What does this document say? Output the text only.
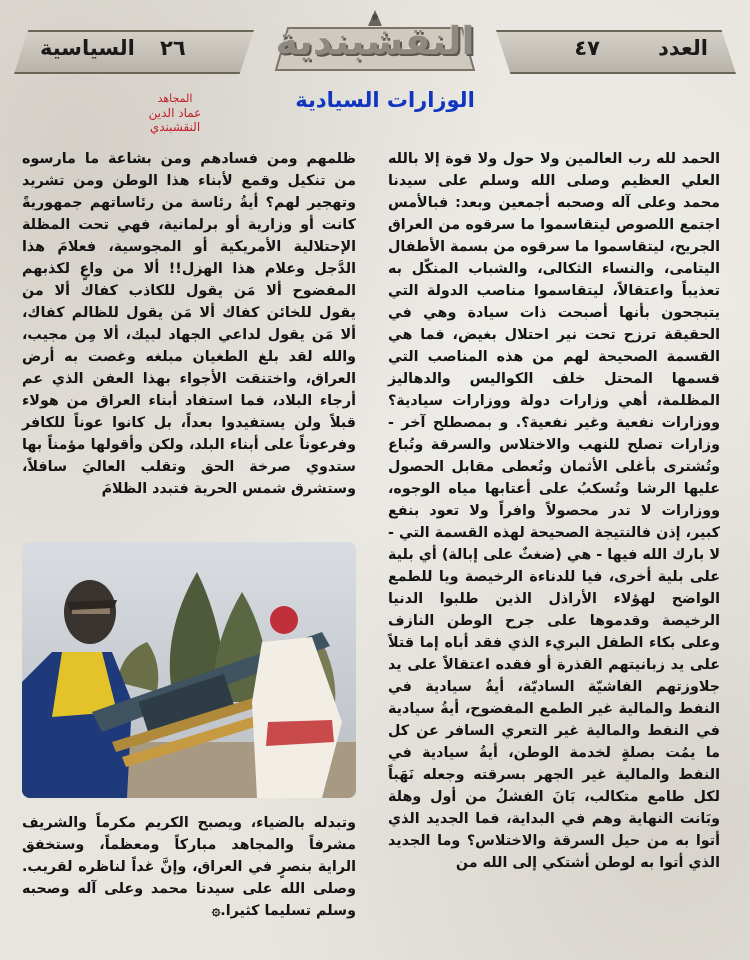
العدد
٤٧
السياسية ٢٦ النقشبندية
الوزارات السيادية
المجاهد
عماد الدين النقشبندي
الحمد لله رب العالمين ولا حول ولا قوة إلا بالله العلي العظيم وصلى الله وسلم على سيدنا محمد وعلى آله وصحبه أجمعين وبعد: فبالأمس اجتمع اللصوص ليتقاسموا ما سرقوه من العراق الجريح، ليتقاسموا ما سرقوه من بسمة الأطفال اليتامى، والنساء الثكالى، والشباب المنكّل به تعذيباً واعتقالاً، ليتقاسموا مناصب الدولة التي يتبجحون بأنها أصبحت ذات سيادة وهي في الحقيقة ترزح تحت نير احتلال بغيض، فما هي القسمة الصحيحة لهم من هذه المناصب التي قسمها المحتل خلف الكواليس والدهاليز المظلمة، أهي وزارات دولة ووزارات سيادية؟ ووزارات نفعية وغير نفعية؟. و بمصطلح آخر - وزارات تصلح للنهب والاختلاس والسرقة وتُباع وتُشترى بأغلى الأثمان وتُعطى مقابل الحصول عليها الرشا وتُسكبُ على أعتابها مياه الوجوه، ووزارات لا تدر محصولاً وافراً ولا تعود بنفع كبير، إذن فالنتيجة الصحيحة لهذه القسمة التي - لا بارك الله فيها - هي (ضغثٌ على إبالة) أي بلية على بلية أخرى، فيا للدناءة الرخيصة ويا للطمع الواضح لهؤلاء الأراذل الذين طلبوا الدنيا الرخيصة وقدموها على جرح الوطن النازف وعلى بكاء الطفل البريء الذي فقد أباه إما قتلاً على يد زبانيتهم القذرة أو فقده اعتقالاً على يد جلاوزتهم الفاشيّة الساديّة، أيةُ سيادية في النفط والمالية غير الطمع المفضوح، أيةُ سيادية في النفط والمالية غير التعري السافر عن كل ما يمُت بصلةٍ لخدمة الوطن، أيةُ سيادية في النفط والمالية غير الجهر بسرقته وجعله نَهَباً لكل طامع متكالب، بَانَ الفشلُ من أول وهلة وبَانت النهاية وهم في البداية، فما الجديد الذي أتوا به من حيل السرقة والاختلاس؟ وما الجديد الذي أتوا به لوطن أشتكي إلى الله من
ظلمهم ومن فسادهم ومن بشاعة ما مارسوه من تنكيل وقمع لأبناء هذا الوطن ومن تشريد وتهجير لهم؟ أيةُ رئاسة من رئاساتهم جمهوريةً كانت أو وزارية أو برلمانية، فهي تحت المظلة الإحتلالية الأمريكية أو المجوسية، فعلامَ هذا الدَّجل وعلام هذا الهزل!! ألا من واعٍ لكذبهم المفضوح ألا مَن يقول للكاذب كفاك ألا من يقول للخائن كفاك ألا مَن يقول للظالم كفاك، ألا مَن يقول لداعي الجهاد لبيك، ألا مِن مجيب، والله لقد بلغ الطغيان مبلغه وغصت به أرض العراق، واختنقت الأجواء بهذا العفن الذي عم أرجاء البلاد، فما استفاد أبناء العراق من هولاء قبلاً ولن يستفيدوا بعداً، بل كانوا عوناً للكافر وفرعوناً على أبناء البلد، ولكن وأقولها مؤمناً بها ستدوي صرخة الحق وتقلب العاليَ سافلاً، وستشرق شمس الحرية فتبدد الظلامَ
وتبدله بالضياء، ويصبح الكريم مكرماً والشريف مشرفاً والمجاهد مباركاً ومعظماً، وستخفق الراية بنصرٍ في العراق، وإنَّ غداً لناظره لقريب. وصلى الله على سيدنا محمد وعلى آله وصحبه وسلم تسليما كثيرا.۞
